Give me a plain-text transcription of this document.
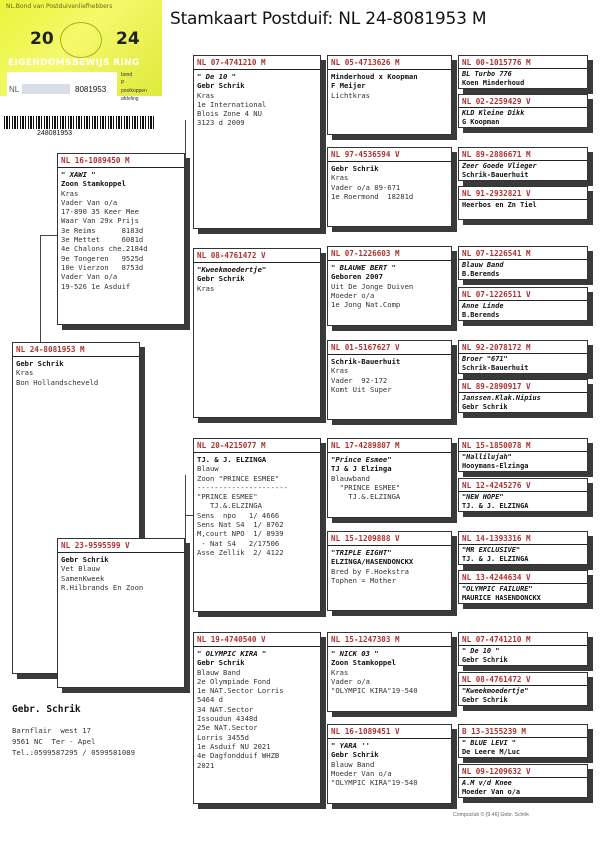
Stamkaart Postduif: NL 24-8081953 M
NL.Bond van Postduivenliefhebbers
20	24
EIGENDOMSBEWIJS RING
NL	8081953
bond
P
postkoppen
afdeling
248081953
NL 24-8081953 M
Gebr Schrik
Kras
Bon Hollandscheveld
NL 16-1089450 M
" XAWI "
Zoon Stamkoppel
Kras
Vader Van o/a
17-890 35 Keer Mee
Waar Van 29x Prijs
3e Reims      8183d
3e Mettet     6081d
4e Chalons che.2184d
9e Tongeren   9525d
10e Vierzon   8753d
Vader Van o/a
19-526 1e Asduif
NL 23-9595599 V
Gebr Schrik
Vet Blauw
SamenKweek
R.Hilbrands En Zoon
NL 07-4741210 M
" De 10 "
Gebr Schrik
Kras
1e International
Blois Zone 4 NU
3123 d 2009
NL 08-4761472 V
"Kweekmoedertje"
Gebr Schrik
Kras
NL 20-4215077 M
TJ. & J. ELZINGA
Blauw
Zoon "PRINCE ESMEE"
---------------------
"PRINCE ESMEE"
TJ.&.ELZINGA
Sens  npo   1/ 4666
Sens Nat S4  1/ 8762
M,court NPO  1/ 8939
- Nat S4   2/17506
Asse Zellik  2/ 4122
NL 19-4740540 V
" OLYMPIC KIRA "
Gebr Schrik
Blauw Band
2e Olympiade Fond
1e NAT.Sector Lorris
5464 d
34 NAT.Sector
Issoudun 4348d
25e NAT.Sector
Lorris 3455d
1e Asduif NU 2021
4e Dagfondduif WHZB
2021
NL 05-4713626 M
Minderhoud x Koopman
F Meijer
Lichtkras
NL 97-4536594 V
Gebr Schrik
Kras
Vader o/a 89-671
1e Roermond  18281d
NL 07-1226603 M
" BLAUWE BERT "
Geboren 2007
Uit De Jonge Duiven
Moeder o/a
1e Jong Nat.Comp
NL 01-5167627 V
Schrik-Bauerhuit
Kras
Vader  92-172
Komt Uit Super
NL 17-4289807 M
"Prince Esmee"
TJ & J Elzinga
Blauwband
"PRINCE ESMEE"
TJ.&.ELZINGA
NL 15-1209888 V
"TRIPLE EIGHT"
ELZINGA/HASENDONCKX
Bred by F.Hoekstra
Tophen = Mother
NL 15-1247303 M
" NICK 03 "
Zoon Stamkoppel
Kras
Vader o/a
"OLYMPIC KIRA"19-540
NL 16-1089451 V
" YARA ''
Gebr Schrik
Blauw Band
Moeder Van o/a
"OLYMPIC KIRA"19-540
NL 00-1015776 M
BL Turbo 776
Koen Minderhoud
NL 02-2259429 V
KLD Kleine Dikk
G Koopman
NL 89-2886671 M
Zeer Goede Vlieger
Schrik-Bauerhuit
NL 91-2932821 V
Heerbos en Zn Tiel
NL 07-1226541 M
Blauw Band
B.Berends
NL 07-1226511 V
Anne Linde
B.Berends
NL 92-2078172 M
Broer "671"
Schrik-Bauerhuit
NL 89-2890917 V
Janssen.Klak.Nipius
Gebr Schrik
NL 15-1850078 M
"Hallilujah"
Hooymans-Elzinga
NL 12-4245276 V
"NEW HOPE"
TJ. & J. ELZINGA
NL 14-1393316 M
"MR EXCLUSIVE"
TJ. & J. ELZINGA
NL 13-4244634 V
"OLYMPIC FAILURE"
MAURICE HASENDONCKX
NL 07-4741210 M
" De 10 "
Gebr Schrik
NL 08-4761472 V
"Kweekmoedertje"
Gebr Schrik
B 13-3155239 M
" BLUE LEVI "
De Leere M/Luc
NL 09-1209632 V
A.M v/d Knee
Moeder Van o/a
Gebr. Schrik
Barnflair  west 17
9561 NC  Ter - Apel
Tel.:0599587295 / 0599581089
Compuclub © [9.46] Gebr. Schrik
